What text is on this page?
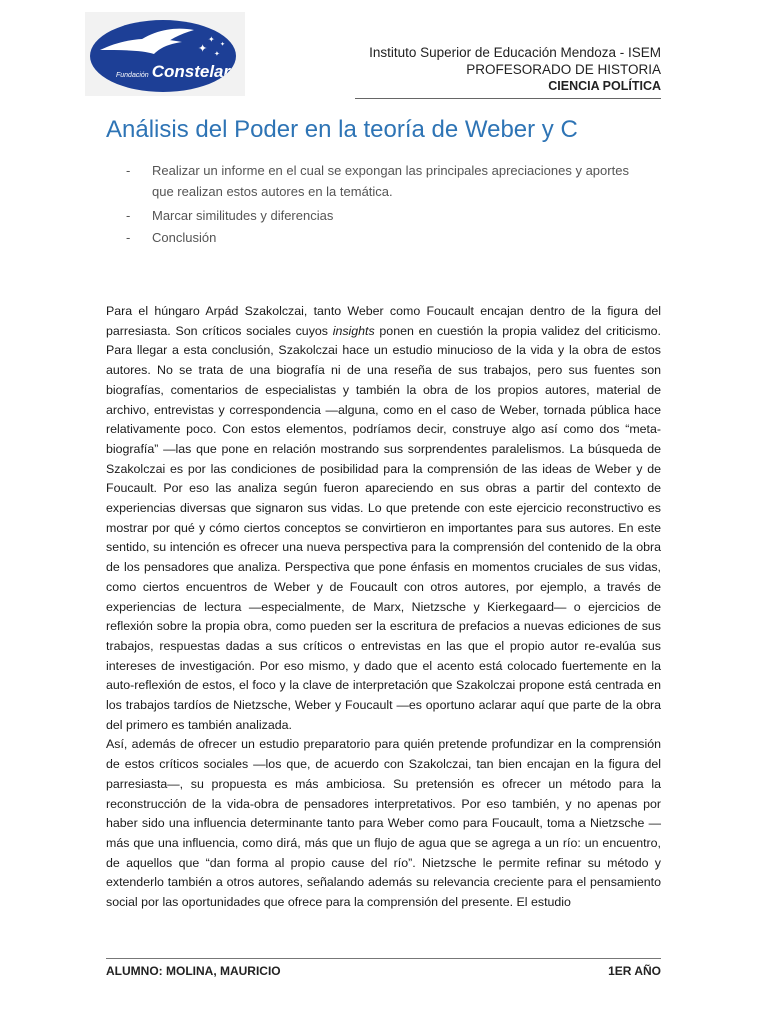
✦
✦
✦
✦
Fundación Constelar
Instituto Superior de Educación Mendoza - ISEM
PROFESORADO DE HISTORIA
CIENCIA POLÍTICA
Análisis del Poder en la teoría de Weber y C
- Realizar un informe en el cual se expongan las principales apreciaciones y aportes
que realizan estos autores en la temática.
- Marcar similitudes y diferencias
- Conclusión

Para el húngaro Arpád Szakolczai, tanto Weber como Foucault encajan dentro de la figura del parresiasta. Son críticos sociales cuyos insights ponen en cuestión la propia validez del criticismo. Para llegar a esta conclusión, Szakolczai hace un estudio minucioso de la vida y la obra de estos autores. No se trata de una biografía ni de una reseña de sus trabajos, pero sus fuentes son biografías, comentarios de especialistas y también la obra de los propios autores, material de archivo, entrevistas y correspondencia —alguna, como en el caso de Weber, tornada pública hace relativamente poco. Con estos elementos, podríamos decir, construye algo así como dos “meta-biografía” —las que pone en relación mostrando sus sorprendentes paralelismos. La búsqueda de Szakolczai es por las condiciones de posibilidad para la comprensión de las ideas de Weber y de Foucault. Por eso las analiza según fueron apareciendo en sus obras a partir del contexto de experiencias diversas que signaron sus vidas. Lo que pretende con este ejercicio reconstructivo es mostrar por qué y cómo ciertos conceptos se convirtieron en importantes para sus autores. En este sentido, su intención es ofrecer una nueva perspectiva para la comprensión del contenido de la obra de los pensadores que analiza. Perspectiva que pone énfasis en momentos cruciales de sus vidas, como ciertos encuentros de Weber y de Foucault con otros autores, por ejemplo, a través de experiencias de lectura —especialmente, de Marx, Nietzsche y Kierkegaard— o ejercicios de reflexión sobre la propia obra, como pueden ser la escritura de prefacios a nuevas ediciones de sus trabajos, respuestas dadas a sus críticos o entrevistas en las que el propio autor re-evalúa sus intereses de investigación. Por eso mismo, y dado que el acento está colocado fuertemente en la auto-reflexión de estos, el foco y la clave de interpretación que Szakolczai propone está centrada en los trabajos tardíos de Nietzsche, Weber y Foucault —es oportuno aclarar aquí que parte de la obra del primero es también analizada.

Así, además de ofrecer un estudio preparatorio para quién pretende profundizar en la comprensión de estos críticos sociales —los que, de acuerdo con Szakolczai, tan bien encajan en la figura del parresiasta—, su propuesta es más ambiciosa. Su pretensión es ofrecer un método para la reconstrucción de la vida-obra de pensadores interpretativos. Por eso también, y no apenas por haber sido una influencia determinante tanto para Weber como para Foucault, toma a Nietzsche — más que una influencia, como dirá, más que un flujo de agua que se agrega a un río: un encuentro, de aquellos que “dan forma al propio cause del río”. Nietzsche le permite refinar su método y extenderlo también a otros autores, señalando además su relevancia creciente para el pensamiento social por las oportunidades que ofrece para la comprensión del presente. El estudio

ALUMNO: MOLINA, MAURICIO	1ER AÑO
